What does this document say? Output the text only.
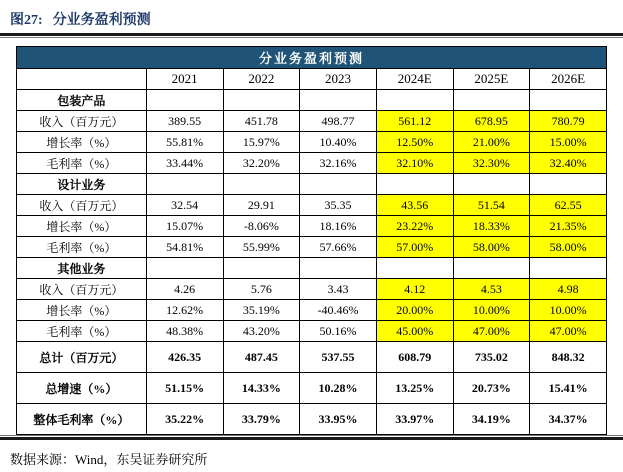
图27: 分业务盈利预测
分业务盈利预测						
	2021	2022	2023	2024E	2025E	2026E
包装产品						
收入（百万元）	389.55	451.78	498.77	561.12	678.95	780.79
增长率（%）	55.81%	15.97%	10.40%	12.50%	21.00%	15.00%
毛利率（%）	33.44%	32.20%	32.16%	32.10%	32.30%	32.40%
设计业务						
收入（百万元）	32.54	29.91	35.35	43.56	51.54	62.55
增长率（%）	15.07%	-8.06%	18.16%	23.22%	18.33%	21.35%
毛利率（%）	54.81%	55.99%	57.66%	57.00%	58.00%	58.00%
其他业务						
收入（百万元）	4.26	5.76	3.43	4.12	4.53	4.98
增长率（%）	12.62%	35.19%	-40.46%	20.00%	10.00%	10.00%
毛利率（%）	48.38%	43.20%	50.16%	45.00%	47.00%	47.00%
总计（百万元）	426.35	487.45	537.55	608.79	735.02	848.32
总增速（%）	51.15%	14.33%	10.28%	13.25%	20.73%	15.41%
整体毛利率（%）	35.22%	33.79%	33.95%	33.97%	34.19%	34.37%
数据来源：Wind，东吴证券研究所
